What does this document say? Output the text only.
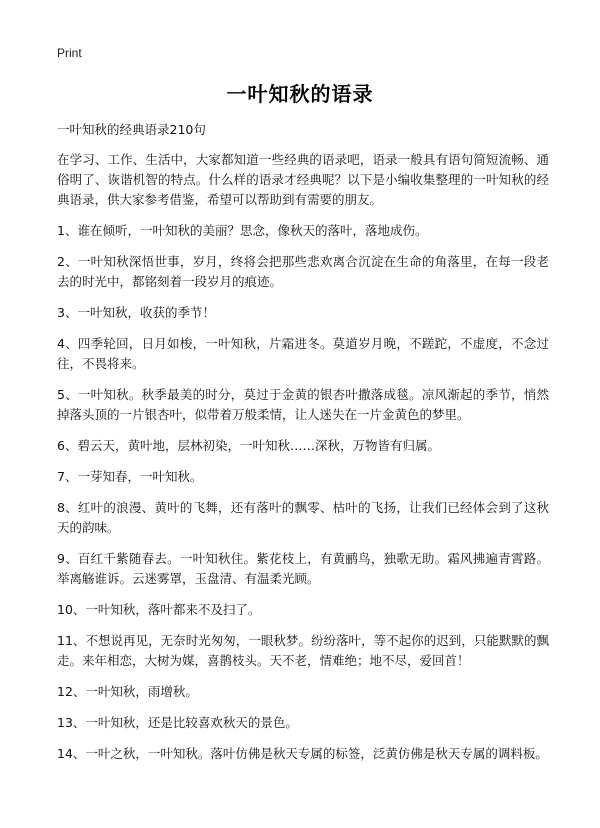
Print
一叶知秋的语录
一叶知秋的经典语录210句

在学习、工作、生活中，大家都知道一些经典的语录吧，语录一般具有语句简短流畅、通俗明了、诙谐机智的特点。什么样的语录才经典呢？以下是小编收集整理的一叶知秋的经典语录，供大家参考借鉴，希望可以帮助到有需要的朋友。

1、谁在倾听，一叶知秋的美丽？思念，像秋天的落叶，落地成伤。

2、一叶知秋深悟世事，岁月，终将会把那些悲欢离合沉淀在生命的角落里，在每一段老去的时光中，都铭刻着一段岁月的痕迹。

3、一叶知秋，收获的季节！

4、四季轮回，日月如梭，一叶知秋，片霜进冬。莫道岁月晚，不蹉跎，不虚度，不念过往，不畏将来。

5、一叶知秋。秋季最美的时分，莫过于金黄的银杏叶撒落成毯。凉风渐起的季节，悄然掉落头顶的一片银杏叶，似带着万般柔情，让人迷失在一片金黄色的梦里。

6、碧云天，黄叶地，层林初染，一叶知秋……深秋，万物皆有归属。

7、一芽知春，一叶知秋。

8、红叶的浪漫、黄叶的飞舞，还有落叶的飘零、枯叶的飞扬，让我们已经体会到了这秋天的韵味。

9、百红千紫随春去。一叶知秋住。紫花枝上，有黄鹂鸟，独歌无助。霜风拂遍青霄路。举离觞谁诉。云迷雾罩，玉盘清、有温柔光顾。

10、一叶知秋，落叶都来不及扫了。

11、不想说再见，无奈时光匆匆，一眼秋梦。纷纷落叶，等不起你的迟到，只能默默的飘走。来年相恋，大树为媒，喜鹊枝头。天不老，情难绝；地不尽，爱回首！

12、一叶知秋，雨增秋。

13、一叶知秋，还是比较喜欢秋天的景色。

14、一叶之秋，一叶知秋。落叶仿佛是秋天专属的标签，泛黄仿佛是秋天专属的调料板。
